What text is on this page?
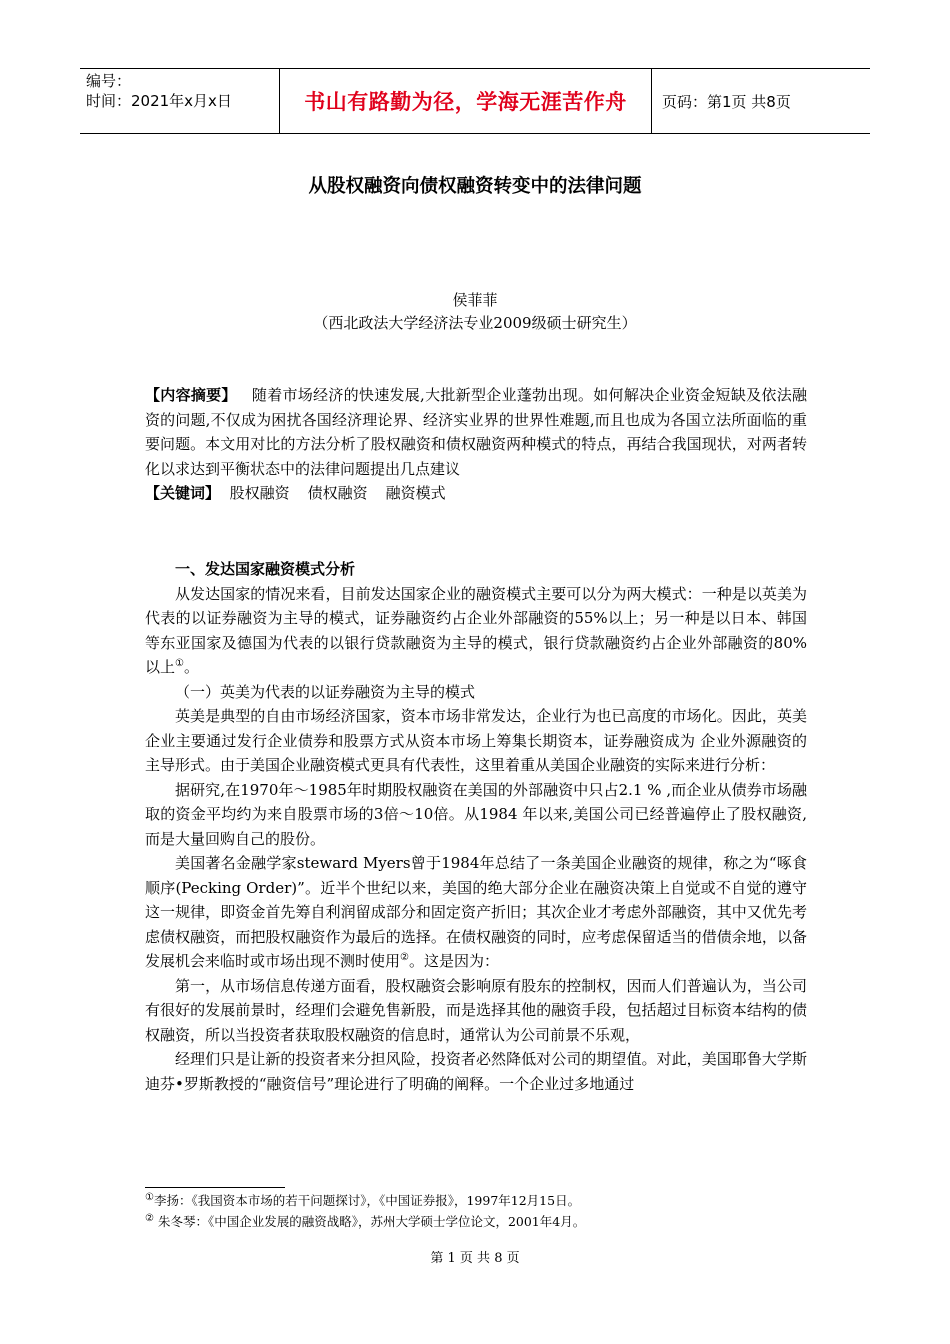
编号：
时间：2021年x月x日	书山有路勤为径，学海无涯苦作舟	页码：第1页 共8页
从股权融资向债权融资转变中的法律问题
侯菲菲
（西北政法大学经济法专业2009级硕士研究生）

【内容摘要】 随着市场经济的快速发展,大批新型企业蓬勃出现。如何解决企业资金短缺及依法融资的问题,不仅成为困扰各国经济理论界、经济实业界的世界性难题,而且也成为各国立法所面临的重要问题。本文用对比的方法分析了股权融资和债权融资两种模式的特点，再结合我国现状，对两者转化以求达到平衡状态中的法律问题提出几点建议

【关键词】 股权融资 债权融资 融资模式

一、发达国家融资模式分析

从发达国家的情况来看，目前发达国家企业的融资模式主要可以分为两大模式：一种是以英美为代表的以证券融资为主导的模式，证券融资约占企业外部融资的55%以上；另一种是以日本、韩国等东亚国家及德国为代表的以银行贷款融资为主导的模式，银行贷款融资约占企业外部融资的80%以上①。

（一）英美为代表的以证券融资为主导的模式

英美是典型的自由市场经济国家，资本市场非常发达，企业行为也已高度的市场化。因此，英美企业主要通过发行企业债券和股票方式从资本市场上筹集长期资本，证券融资成为 企业外源融资的主导形式。由于美国企业融资模式更具有代表性，这里着重从美国企业融资的实际来进行分析：

据研究,在1970年～1985年时期股权融资在美国的外部融资中只占2.1 % ,而企业从债券市场融取的资金平均约为来自股票市场的3倍～10倍。从1984 年以来,美国公司已经普遍停止了股权融资,而是大量回购自己的股份。

美国著名金融学家steward Myers曾于1984年总结了一条美国企业融资的规律，称之为“啄食顺序(Pecking Order)”。近半个世纪以来，美国的绝大部分企业在融资决策上自觉或不自觉的遵守这一规律，即资金首先筹自利润留成部分和固定资产折旧；其次企业才考虑外部融资，其中又优先考虑债权融资，而把股权融资作为最后的选择。在债权融资的同时，应考虑保留适当的借债余地，以备发展机会来临时或市场出现不测时使用②。这是因为：

第一，从市场信息传递方面看，股权融资会影响原有股东的控制权，因而人们普遍认为，当公司有很好的发展前景时，经理们会避免售新股，而是选择其他的融资手段，包括超过目标资本结构的债权融资，所以当投资者获取股权融资的信息时，通常认为公司前景不乐观，

经理们只是让新的投资者来分担风险，投资者必然降低对公司的期望值。对此，美国耶鲁大学斯迪芬•罗斯教授的“融资信号”理论进行了明确的阐释。一个企业过多地通过

①李扬：《我国资本市场的若干问题探讨》，《中国证券报》，1997年12月15日。

② 朱冬琴：《中国企业发展的融资战略》，苏州大学硕士学位论文，2001年4月。

第 1 页 共 8 页
